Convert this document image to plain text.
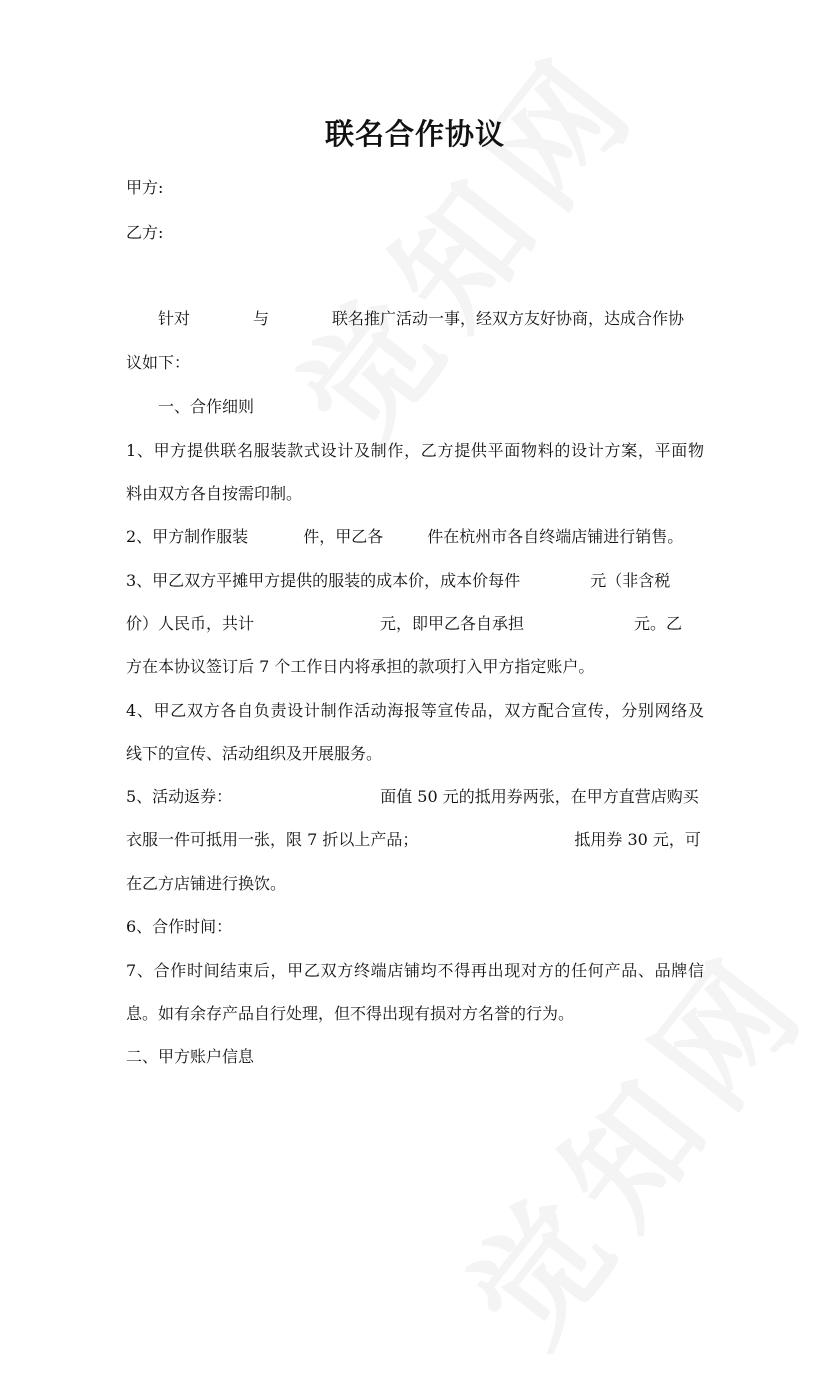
联名合作协议
甲方:
乙方:
针对	与	联名推广活动一事，经双方友好协商，达成合作协
议如下：
一、合作细则
1、甲方提供联名服装款式设计及制作，乙方提供平面物料的设计方案，平面物
料由双方各自按需印制。
2、甲方制作服装	件，甲乙各	件在杭州市各自终端店铺进行销售。
3、甲乙双方平摊甲方提供的服装的成本价，成本价每件	元（非含税
价）人民币，共计	元，即甲乙各自承担	元。乙
方在本协议签订后 7 个工作日内将承担的款项打入甲方指定账户。
4、甲乙双方各自负责设计制作活动海报等宣传品，双方配合宣传，分别网络及
线下的宣传、活动组织及开展服务。
5、活动返券：	面值 50 元的抵用券两张，在甲方直营店购买
衣服一件可抵用一张，限 7 折以上产品；	抵用券 30 元，可
在乙方店铺进行换饮。
6、合作时间：
7、合作时间结束后，甲乙双方终端店铺均不得再出现对方的任何产品、品牌信
息。如有余存产品自行处理，但不得出现有损对方名誉的行为。
二、甲方账户信息
